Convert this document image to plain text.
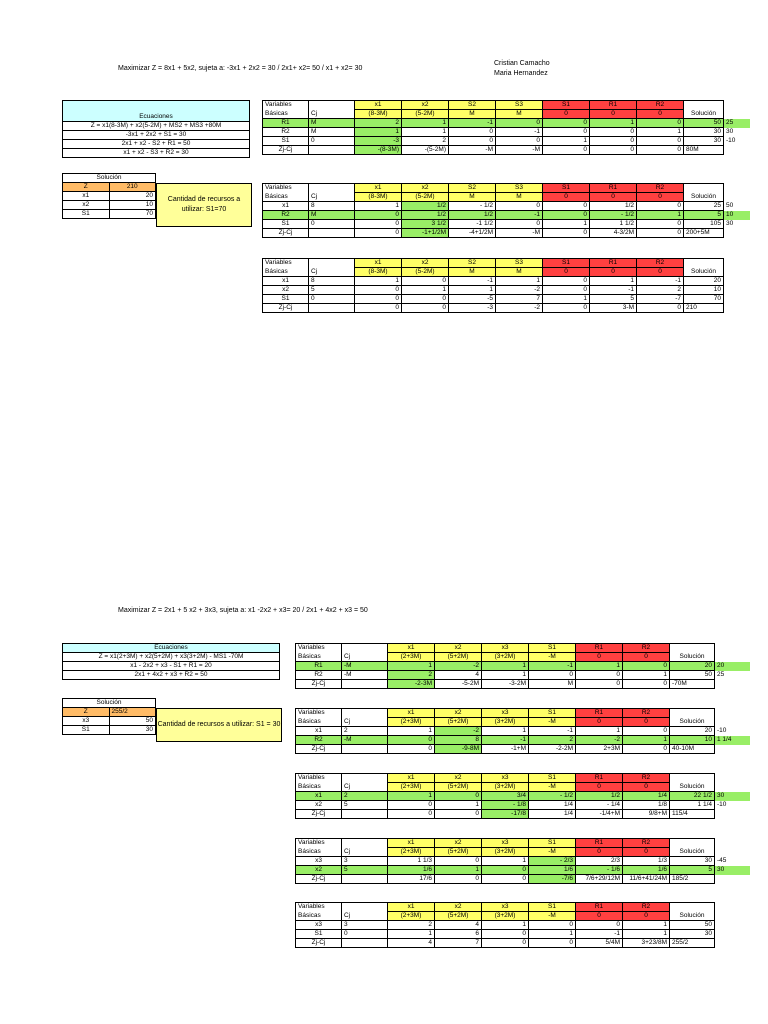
Maximizar Z = 8x1 + 5x2, sujeta a: -3x1 + 2x2 = 30 / 2x1+ x2= 50 / x1 + x2= 30
Cristian Camacho
Maria Hernandez
Ecuaciones
Z = x1(8-3M) + x2(5-2M) + MS2 + MS3 +80M
-3x1 + 2x2 + S1 = 30
2x1 + x2 - S2 + R1 = 50
x1 + x2 - S3 + R2 = 30
Solución	
Z	210
x1	20
x2	10
S1	70
Cantidad de recursos a utilizar: S1=70
Variables		x1	x2	S2	S3	S1	R1	R2		
Básicas	Cj	(8-3M)	(5-2M)	M	M	0	0	0	Solución	
R1	M	2	1	-1	0	0	1	0	50	25
R2	M	1	1	0	-1	0	0	1	30	30
S1	0	-3	2	0	0	1	0	0	30	-10
Zj-Cj		-(8-3M)	-(5-2M)	-M	-M	0	0	0	80M	
Variables		x1	x2	S2	S3	S1	R1	R2		
Básicas	Cj	(8-3M)	(5-2M)	M	M	0	0	0	Solución	
x1	8	1	1/2	- 1/2	0	0	1/2	0	25	50
R2	M	0	1/2	1/2	-1	0	- 1/2	1	5	10
S1	0	0	3 1/2	-1 1/2	0	1	1 1/2	0	105	30
Zj-Cj		0	-1+1/2M	-4+1/2M	-M	0	4-3/2M	0	200+5M	
Variables		x1	x2	S2	S3	S1	R1	R2		
Básicas	Cj	(8-3M)	(5-2M)	M	M	0	0	0	Solución	
x1	8	1	0	-1	1	0	1	-1	20	
x2	5	0	1	1	-2	0	-1	2	10	
S1	0	0	0	-5	7	1	5	-7	70	
Zj-Cj		0	0	-3	-2	0	3-M	0	210	
Maximizar Z = 2x1 + 5 x2 + 3x3, sujeta a: x1 -2x2 + x3= 20 / 2x1 + 4x2 + x3 = 50
Ecuaciones
Z = x1(2+3M) + x2(5+2M) + x3(3+2M) - MS1 -70M
x1 - 2x2 + x3 - S1 + R1 = 20
2x1 + 4x2 + x3 + R2 = 50
Solución	
Z	255/2
x3	50
S1	30
Cantidad de recursos a utilizar: S1 = 30
Variables		x1	x2	x3	S1	R1	R2		
Básicas	Cj	(2+3M)	(5+2M)	(3+2M)	-M	0	0	Solución	
R1	-M	1	-2	1	-1	1	0	20	20
R2	-M	2	4	1	0	0	1	50	25
Zj-Cj		-2-3M	-5-2M	-3-2M	M	0	0	-70M	
Variables		x1	x2	x3	S1	R1	R2		
Básicas	Cj	(2+3M)	(5+2M)	(3+2M)	-M	0	0	Solución	
x1	2	1	-2	1	-1	1	0	20	-10
R2	-M	0	8	-1	2	-2	1	10	1 1/4
Zj-Cj		0	-9-8M	-1+M	-2-2M	2+3M	0	40-10M	
Variables		x1	x2	x3	S1	R1	R2		
Básicas	Cj	(2+3M)	(5+2M)	(3+2M)	-M	0	0	Solución	
x1	2	1	0	3/4	- 1/2	1/2	1/4	22 1/2	30
x2	5	0	1	- 1/8	1/4	- 1/4	1/8	1 1/4	-10
Zj-Cj		0	0	-17/8	1/4	-1/4+M	9/8+M	115/4	
Variables		x1	x2	x3	S1	R1	R2		
Básicas	Cj	(2+3M)	(5+2M)	(3+2M)	-M	0	0	Solución	
x3	3	1 1/3	0	1	- 2/3	2/3	1/3	30	-45
x2	5	1/6	1	0	1/6	- 1/6	1/6	5	30
Zj-Cj		17/6	0	0	-7/6	7/6+29/12M	11/6+41/24M	185/2	
Variables		x1	x2	x3	S1	R1	R2		
Básicas	Cj	(2+3M)	(5+2M)	(3+2M)	-M	0	0	Solución	
x3	3	2	4	1	0	0	1	50	
S1	0	1	6	0	1	-1	1	30	
Zj-Cj		4	7	0	0	5/4M	3+23/8M	255/2	
